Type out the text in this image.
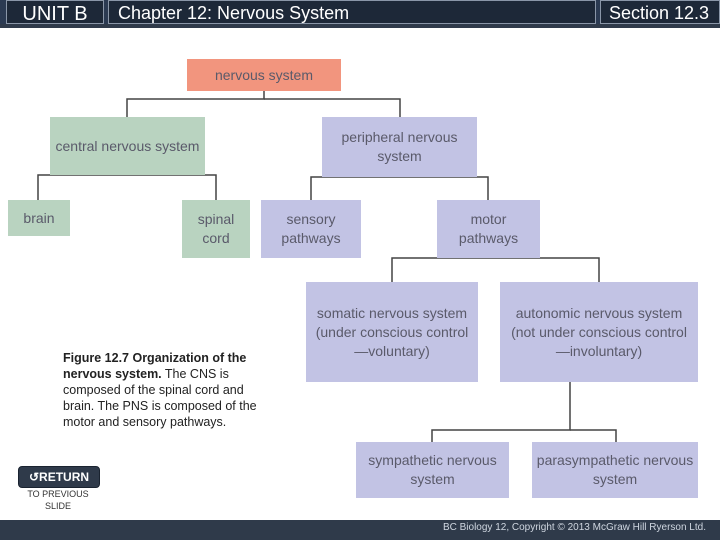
UNIT B	Chapter 12: Nervous System	Section 12.3
nervous system
central nervous system
peripheral nervous system
brain	spinal cord
sensory pathways
motor pathways
somatic nervous system (under conscious control —voluntary)
autonomic nervous system (not under conscious control —involuntary)
sympathetic nervous system
parasympathetic nervous system
Figure 12.7 Organization of the nervous system. The CNS is composed of the spinal cord and brain. The PNS is composed of the motor and sensory pathways.
↺RETURN
TO PREVIOUS SLIDE
BC Biology 12, Copyright © 2013 McGraw Hill Ryerson Ltd.
